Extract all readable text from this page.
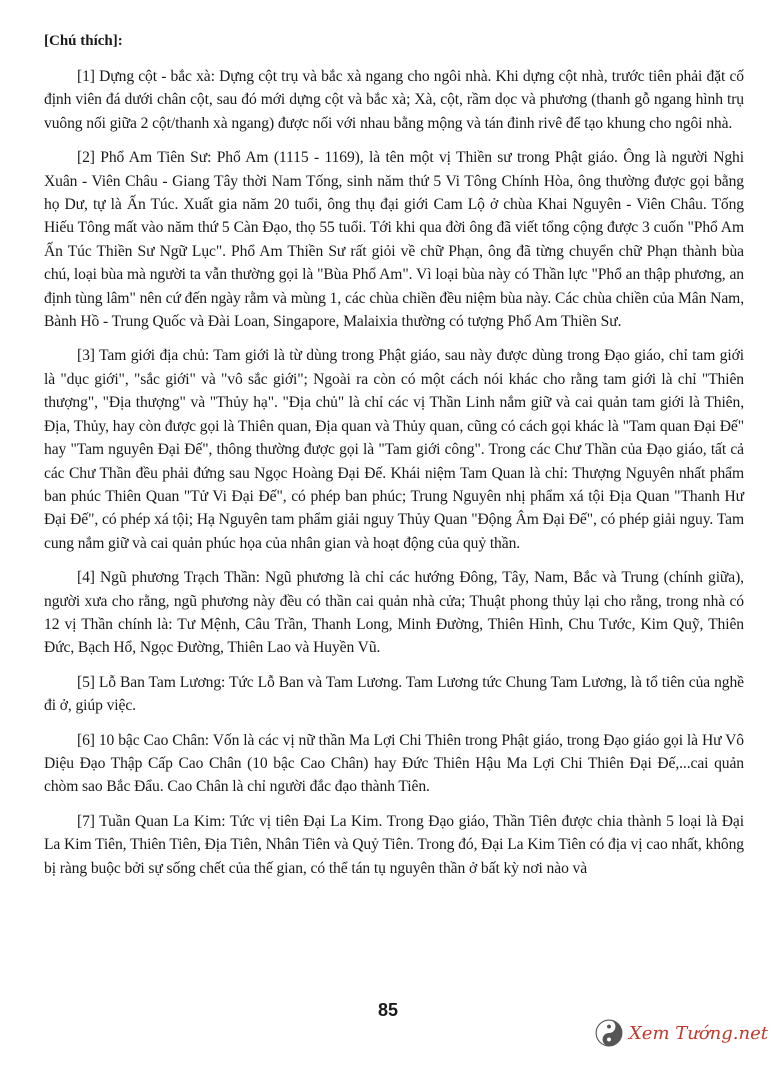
[Chú thích]:

[1] Dựng cột - bắc xà: Dựng cột trụ và bắc xà ngang cho ngôi nhà. Khi dựng cột nhà, trước tiên phải đặt cố định viên đá dưới chân cột, sau đó mới dựng cột và bắc xà; Xà, cột, rầm dọc và phương (thanh gỗ ngang hình trụ vuông nối giữa 2 cột/thanh xà ngang) được nối với nhau bằng mộng và tán đinh rivê để tạo khung cho ngôi nhà.

[2] Phổ Am Tiên Sư: Phổ Am (1115 - 1169), là tên một vị Thiền sư trong Phật giáo. Ông là người Nghi Xuân - Viên Châu - Giang Tây thời Nam Tống, sinh năm thứ 5 Vi Tông Chính Hòa, ông thường được gọi bằng họ Dư, tự là Ấn Túc. Xuất gia năm 20 tuổi, ông thụ đại giới Cam Lộ ở chùa Khai Nguyên - Viên Châu. Tống Hiếu Tông mất vào năm thứ 5 Càn Đạo, thọ 55 tuổi. Tới khi qua đời ông đã viết tổng cộng được 3 cuốn "Phổ Am Ấn Túc Thiền Sư Ngữ Lục". Phổ Am Thiền Sư rất giỏi về chữ Phạn, ông đã từng chuyển chữ Phạn thành bùa chú, loại bùa mà người ta vẫn thường gọi là "Bùa Phổ Am". Vì loại bùa này có Thần lực "Phổ an thập phương, an định tùng lâm" nên cứ đến ngày rằm và mùng 1, các chùa chiền đều niệm bùa này. Các chùa chiền của Mân Nam, Bành Hồ - Trung Quốc và Đài Loan, Singapore, Malaixia thường có tượng Phổ Am Thiền Sư.

[3] Tam giới địa chủ: Tam giới là từ dùng trong Phật giáo, sau này được dùng trong Đạo giáo, chỉ tam giới là "dục giới", "sắc giới" và "vô sắc giới"; Ngoài ra còn có một cách nói khác cho rằng tam giới là chỉ "Thiên thượng", "Địa thượng" và "Thủy hạ". "Địa chủ" là chỉ các vị Thần Linh nắm giữ và cai quản tam giới là Thiên, Địa, Thủy, hay còn được gọi là Thiên quan, Địa quan và Thủy quan, cũng có cách gọi khác là "Tam quan Đại Đế" hay "Tam nguyên Đại Đế", thông thường được gọi là "Tam giới công". Trong các Chư Thần của Đạo giáo, tất cả các Chư Thần đều phải đứng sau Ngọc Hoàng Đại Đế. Khái niệm Tam Quan là chỉ: Thượng Nguyên nhất phẩm ban phúc Thiên Quan "Tử Vi Đại Đế", có phép ban phúc; Trung Nguyên nhị phẩm xá tội Địa Quan "Thanh Hư Đại Đế", có phép xá tội; Hạ Nguyên tam phẩm giải nguy Thủy Quan "Động Âm Đại Đế", có phép giải nguy. Tam cung nắm giữ và cai quản phúc họa của nhân gian và hoạt động của quỷ thần.

[4] Ngũ phương Trạch Thần: Ngũ phương là chỉ các hướng Đông, Tây, Nam, Bắc và Trung (chính giữa), người xưa cho rằng, ngũ phương này đều có thần cai quản nhà cửa; Thuật phong thủy lại cho rằng, trong nhà có 12 vị Thần chính là: Tư Mệnh, Câu Trần, Thanh Long, Minh Đường, Thiên Hình, Chu Tước, Kim Quỹ, Thiên Đức, Bạch Hổ, Ngọc Đường, Thiên Lao và Huyền Vũ.

[5] Lỗ Ban Tam Lương: Tức Lỗ Ban và Tam Lương. Tam Lương tức Chung Tam Lương, là tổ tiên của nghề đi ở, giúp việc.

[6] 10 bậc Cao Chân: Vốn là các vị nữ thần Ma Lợi Chi Thiên trong Phật giáo, trong Đạo giáo gọi là Hư Vô Diệu Đạo Thập Cấp Cao Chân (10 bậc Cao Chân) hay Đức Thiên Hậu Ma Lợi Chi Thiên Đại Đế,...cai quản chòm sao Bắc Đẩu. Cao Chân là chỉ người đắc đạo thành Tiên.

[7] Tuần Quan La Kim: Tức vị tiên Đại La Kim. Trong Đạo giáo, Thần Tiên được chia thành 5 loại là Đại La Kim Tiên, Thiên Tiên, Địa Tiên, Nhân Tiên và Quỷ Tiên. Trong đó, Đại La Kim Tiên có địa vị cao nhất, không bị ràng buộc bởi sự sống chết của thế gian, có thể tán tụ nguyên thần ở bất kỳ nơi nào và

85
Xem Tướng.net
